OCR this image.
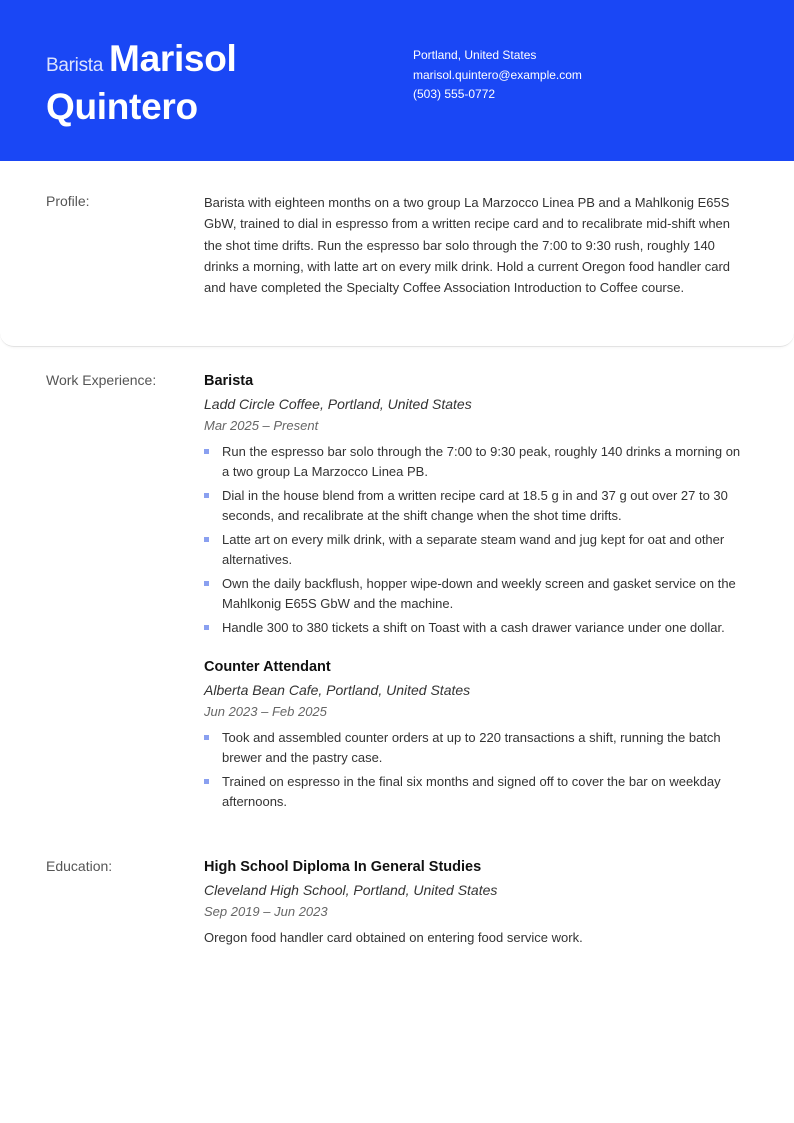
Barista Marisol
Quintero
Portland, United States
marisol.quintero@example.com
(503) 555-0772
Profile:	Barista with eighteen months on a two group La Marzocco Linea PB and a Mahlkonig E65S GbW, trained to dial in espresso from a written recipe card and to recalibrate mid-shift when the shot time drifts. Run the espresso bar solo through the 7:00 to 9:30 rush, roughly 140 drinks a morning, with latte art on every milk drink. Hold a current Oregon food handler card and have completed the Specialty Coffee Association Introduction to Coffee course.
Work Experience:	Barista
Ladd Circle Coffee, Portland, United States
Mar 2025 – Present
Run the espresso bar solo through the 7:00 to 9:30 peak, roughly 140 drinks a morning on a two group La Marzocco Linea PB.
Dial in the house blend from a written recipe card at 18.5 g in and 37 g out over 27 to 30 seconds, and recalibrate at the shift change when the shot time drifts.
Latte art on every milk drink, with a separate steam wand and jug kept for oat and other alternatives.
Own the daily backflush, hopper wipe-down and weekly screen and gasket service on the Mahlkonig E65S GbW and the machine.
Handle 300 to 380 tickets a shift on Toast with a cash drawer variance under one dollar.
Counter Attendant
Alberta Bean Cafe, Portland, United States
Jun 2023 – Feb 2025
Took and assembled counter orders at up to 220 transactions a shift, running the batch brewer and the pastry case.
Trained on espresso in the final six months and signed off to cover the bar on weekday afternoons.
Education:	High School Diploma In General Studies
Cleveland High School, Portland, United States
Sep 2019 – Jun 2023
Oregon food handler card obtained on entering food service work.
